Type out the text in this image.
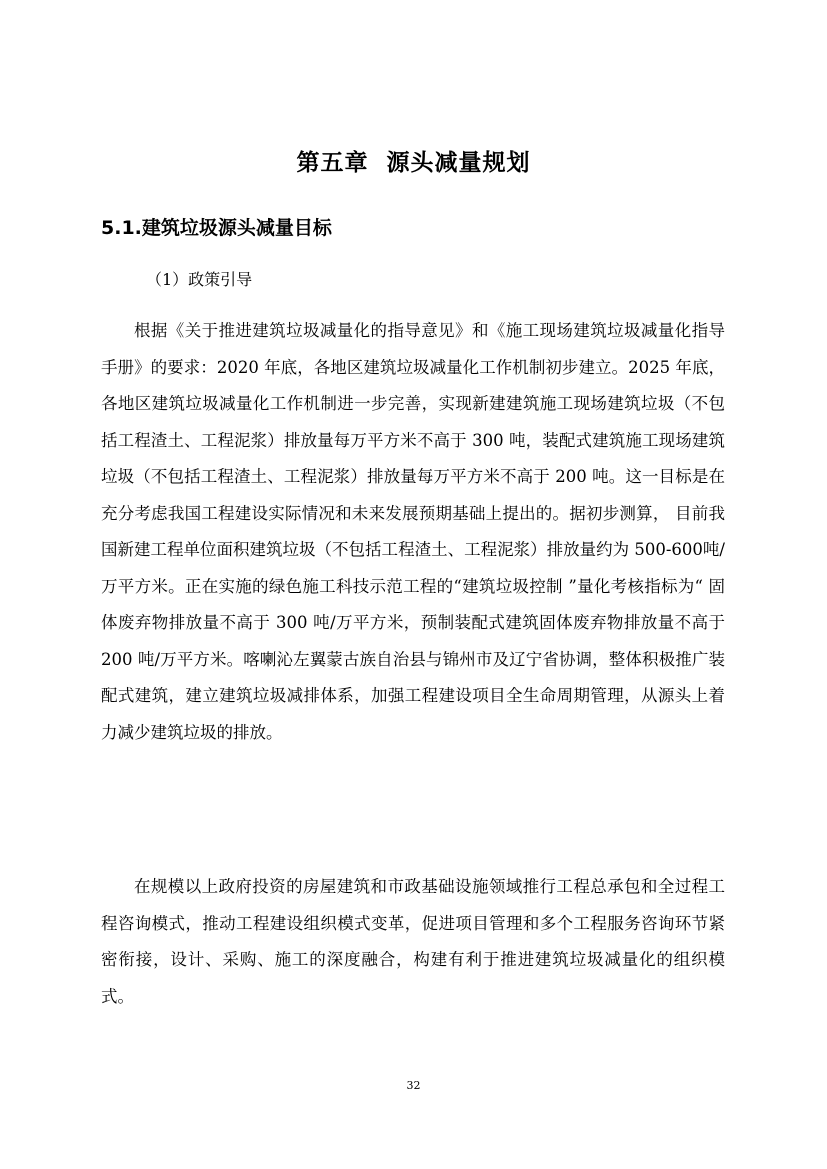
第五章  源头减量规划
5.1.建筑垃圾源头减量目标
（1）政策引导

根据《关于推进建筑垃圾减量化的指导意见》和《施工现场建筑垃圾减量化指导手册》的要求：2020 年底，各地区建筑垃圾减量化工作机制初步建立。2025 年底，各地区建筑垃圾减量化工作机制进一步完善，实现新建建筑施工现场建筑垃圾（不包括工程渣土、工程泥浆）排放量每万平方米不高于 300 吨，装配式建筑施工现场建筑垃圾（不包括工程渣土、工程泥浆）排放量每万平方米不高于 200 吨。这一目标是在充分考虑我国工程建设实际情况和未来发展预期基础上提出的。据初步测算， 目前我国新建工程单位面积建筑垃圾（不包括工程渣土、工程泥浆）排放量约为 500-600吨/万平方米。正在实施的绿色施工科技示范工程的“建筑垃圾控制 ”量化考核指标为“ 固体废弃物排放量不高于 300 吨/万平方米，预制装配式建筑固体废弃物排放量不高于 200 吨/万平方米。喀喇沁左翼蒙古族自治县与锦州市及辽宁省协调，整体积极推广装配式建筑，建立建筑垃圾减排体系，加强工程建设项目全生命周期管理，从源头上着力减少建筑垃圾的排放。

在规模以上政府投资的房屋建筑和市政基础设施领域推行工程总承包和全过程工程咨询模式，推动工程建设组织模式变革，促进项目管理和多个工程服务咨询环节紧密衔接，设计、采购、施工的深度融合，构建有利于推进建筑垃圾减量化的组织模式。

32
